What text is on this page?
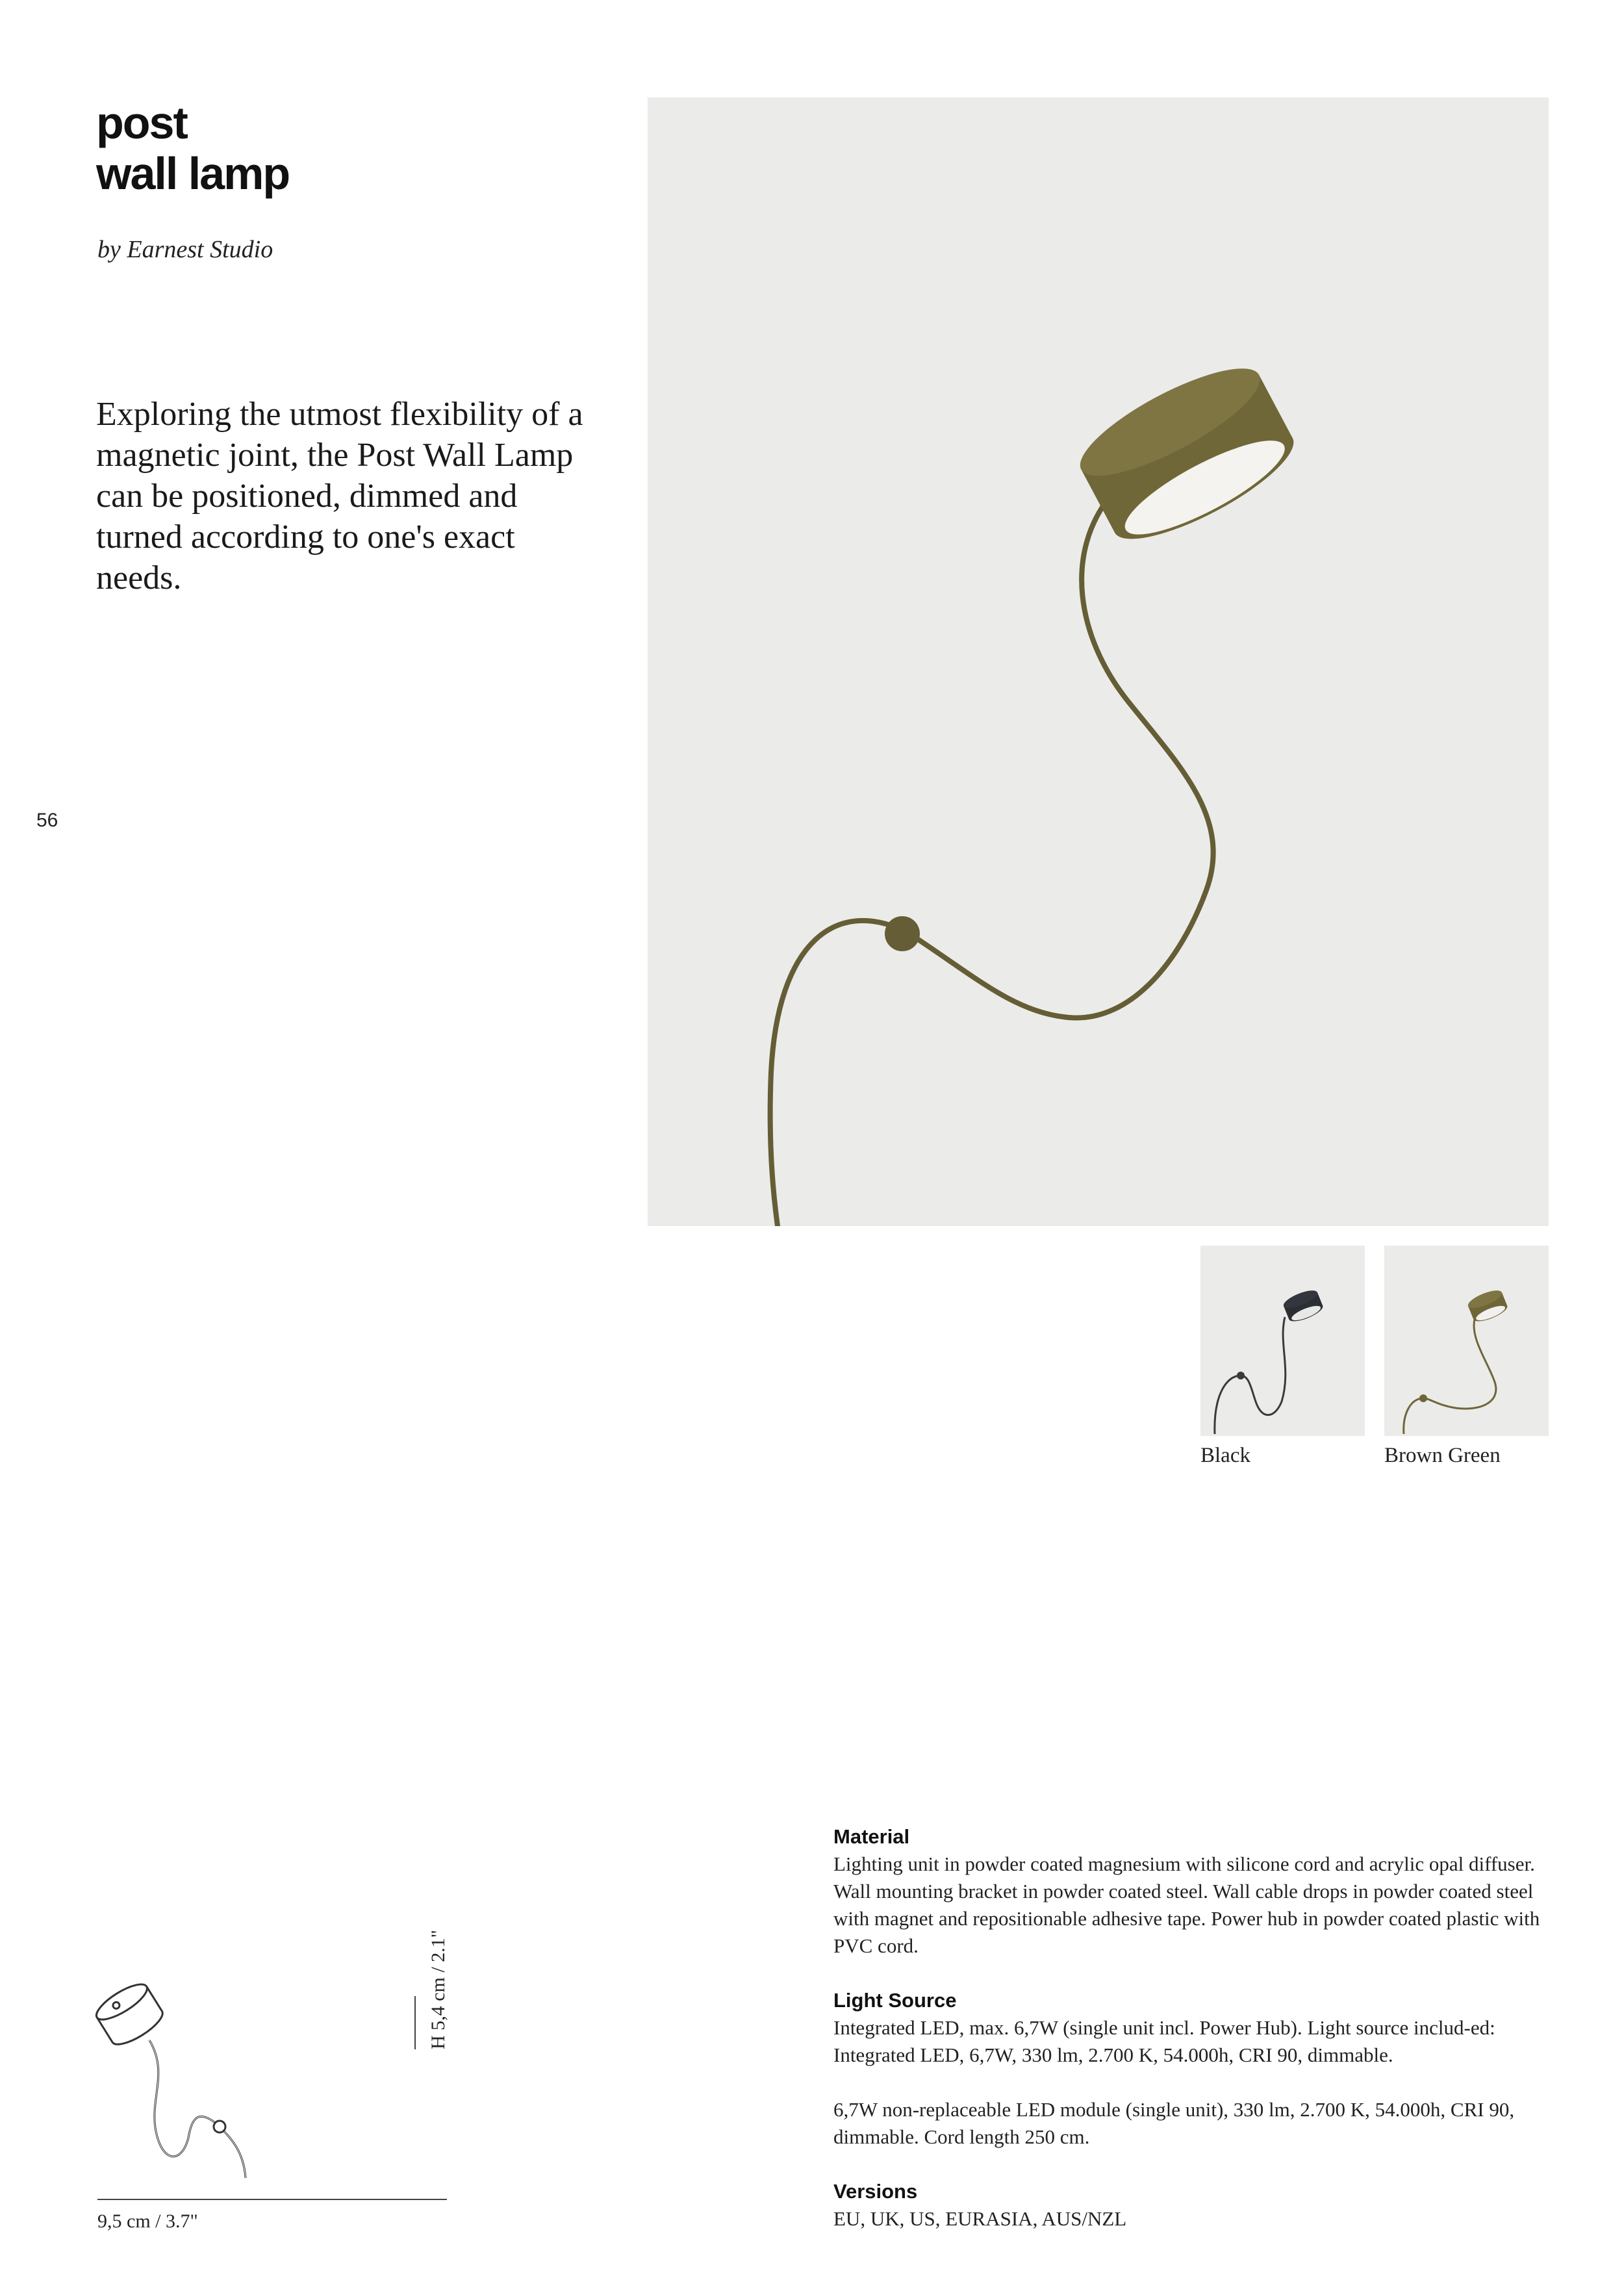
post
wall lamp
by Earnest Studio
Exploring the utmost flexibility of a magnetic joint, the Post Wall Lamp can be positioned, dimmed and turned according to one's exact needs.
56
Black	Brown Green
9,5 cm / 3.7"
H 5,4 cm / 2.1"
Material
Lighting unit in powder coated magnesium with silicone cord and acrylic opal diffuser. Wall mounting bracket in powder coated steel. Wall cable drops in powder coated steel with magnet and repositionable adhesive tape. Power hub in powder coated plastic with PVC cord.
Light Source
Integrated LED, max. 6,7W (single unit incl. Power Hub). Light source includ-ed: Integrated LED, 6,7W, 330 lm, 2.700 K, 54.000h, CRI 90, dimmable.
6,7W non-replaceable LED module (single unit), 330 lm, 2.700 K, 54.000h, CRI 90, dimmable. Cord length 250 cm.
Versions
EU, UK, US, EURASIA, AUS/NZL
